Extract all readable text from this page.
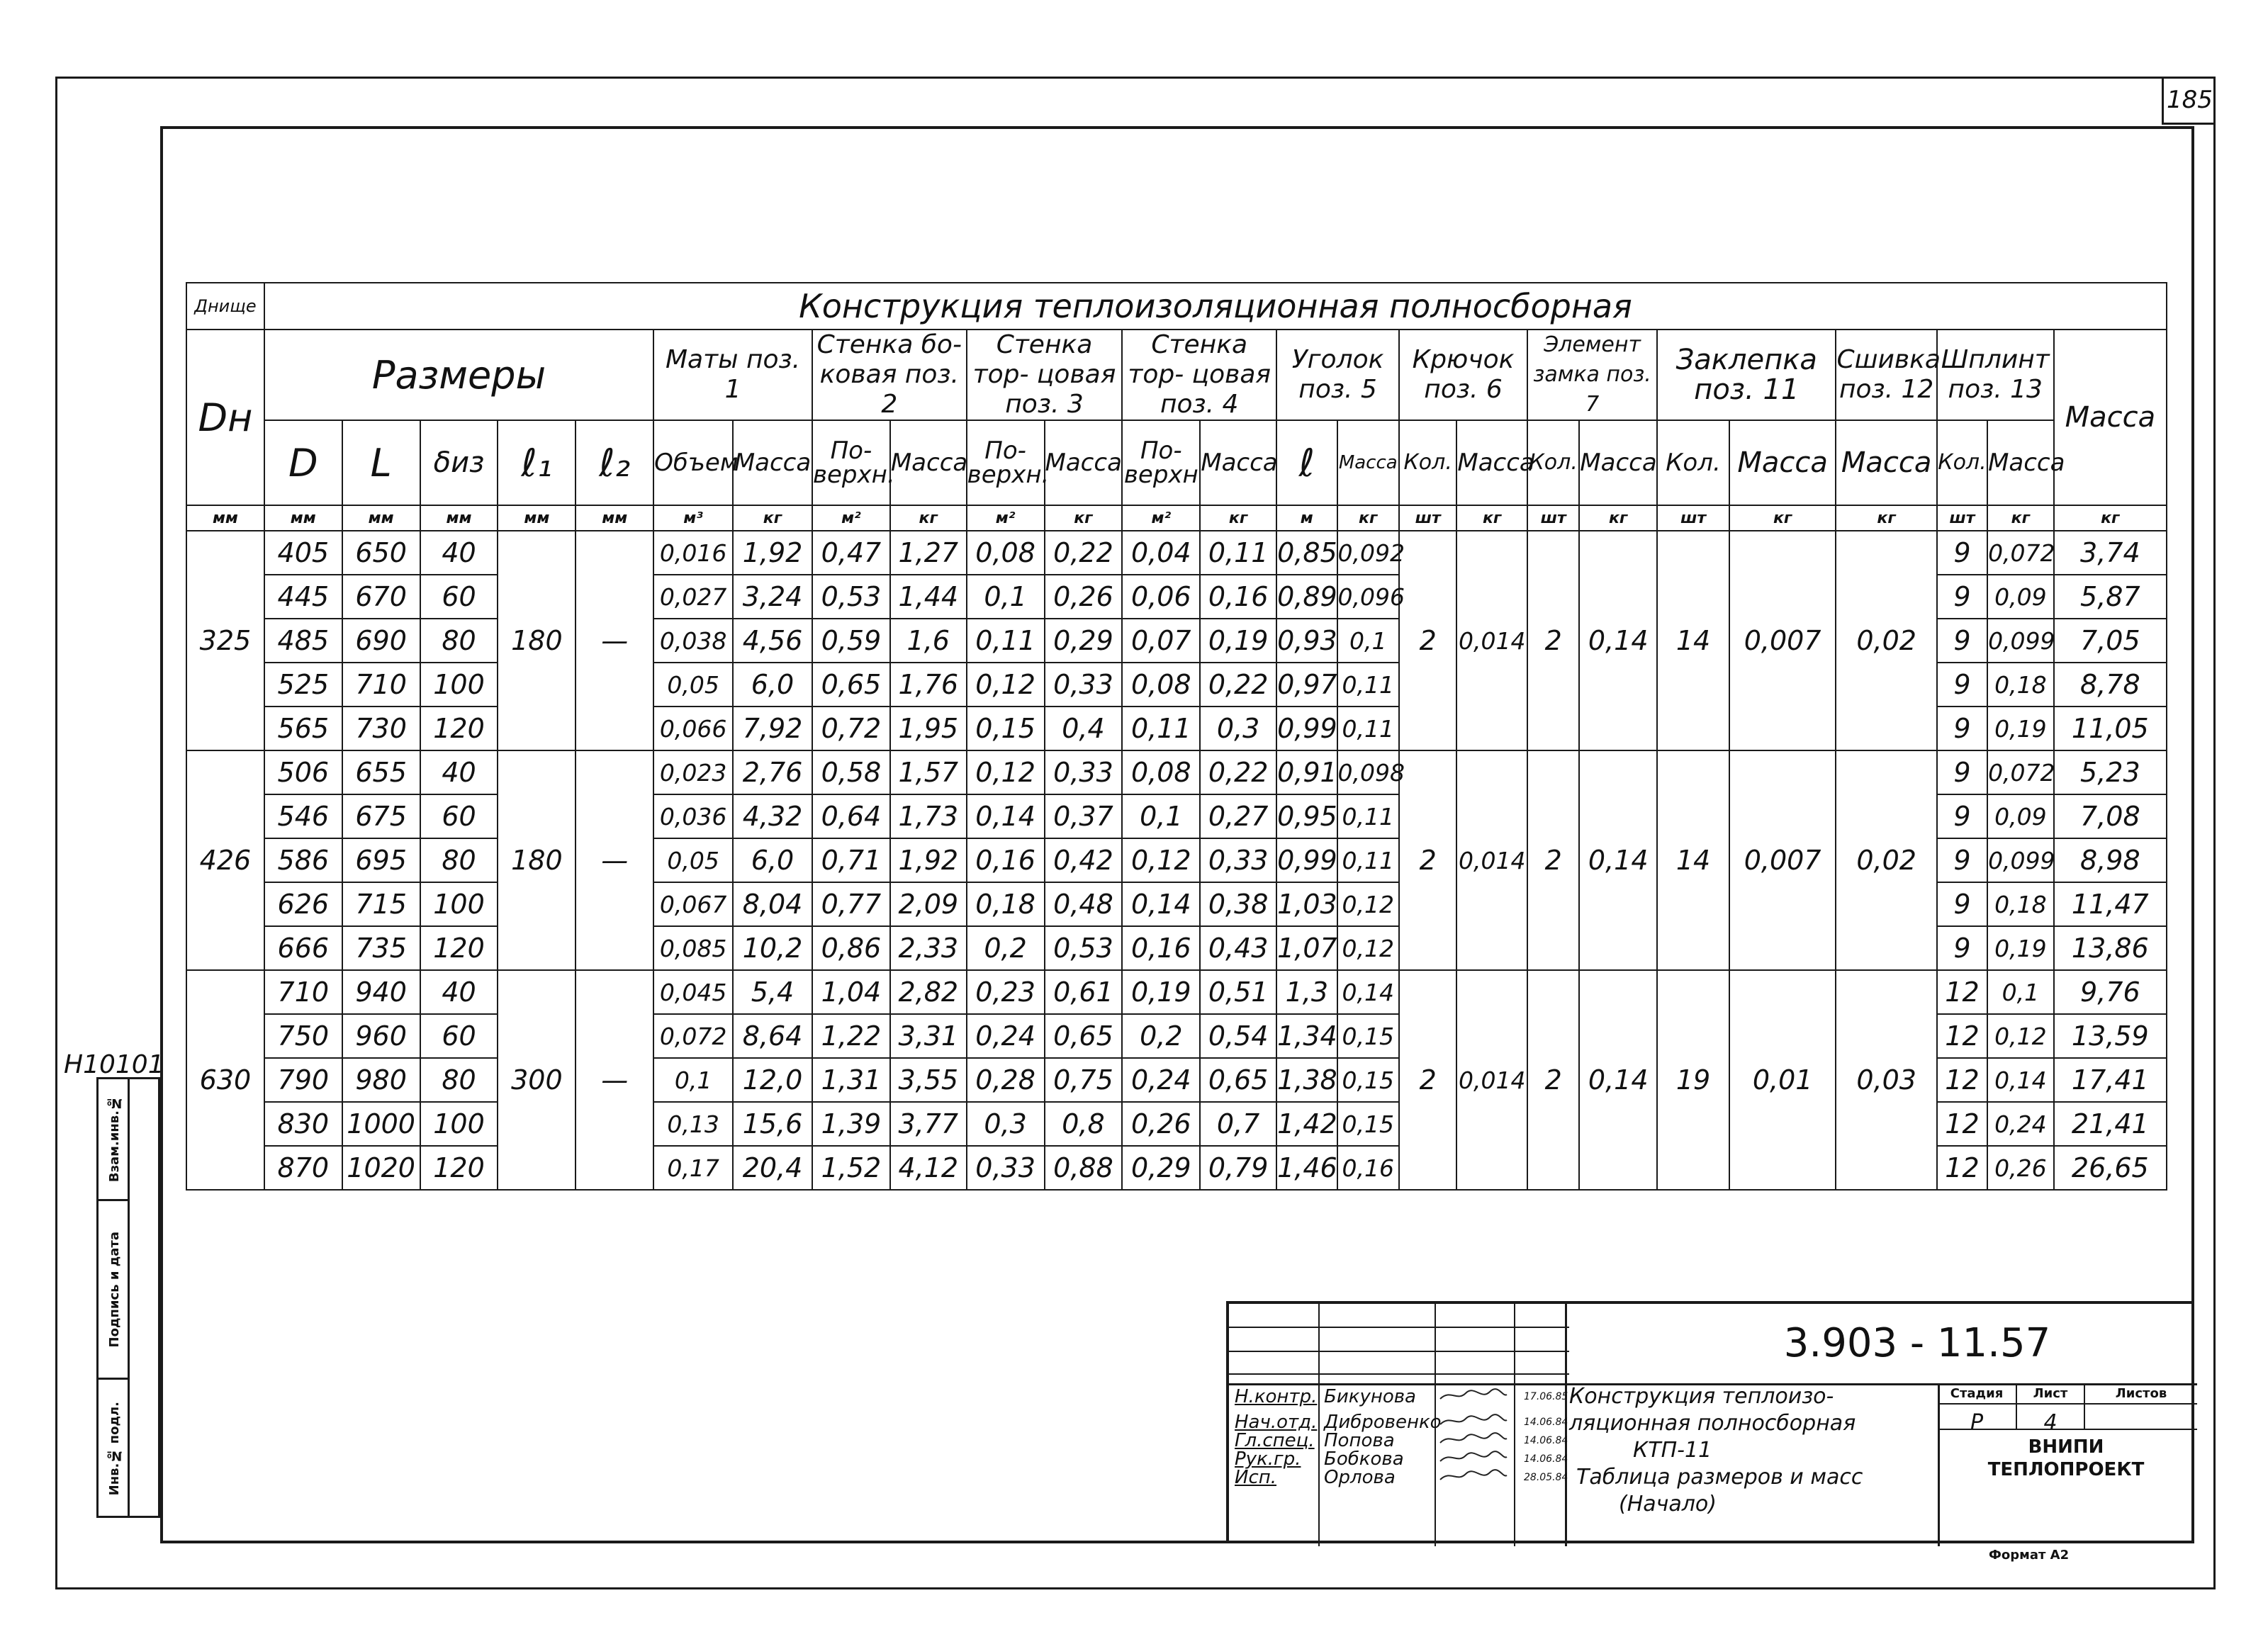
185
Н10101
Взам.инв.№
Подпись и дата
Инв.№ подл.
Днище	Конструкция теплоизоляционная полносборная																								
Dн	Размеры					Маты поз. 1		Стенка бо- ковая поз. 2		Стенка тор- цовая поз. 3		Стенка тор- цовая поз. 4		Уголок поз. 5		Крючок поз. 6		Элемент замка поз. 7		Заклепка поз. 11		Сшивка поз. 12	Шплинт поз. 13		Масса
	D	L	δиз	ℓ₁	ℓ₂	Объем	Масса	По- верхн.	Масса	По- верхн.	Масса	По- верхн	Масса	ℓ	Масса	Кол.	Масса	Кол.	Масса	Кол.	Масса	Масса	Кол.	Масса	
мм	мм	мм	мм	мм	мм	м³	кг	м²	кг	м²	кг	м²	кг	м	кг	шт	кг	шт	кг	шт	кг	кг	шт	кг	кг
325	405	650	40	180	—	0,016	1,92	0,47	1,27	0,08	0,22	0,04	0,11	0,85	0,092	2	0,014	2	0,14	14	0,007	0,02	9	0,072	3,74
	445	670	60			0,027	3,24	0,53	1,44	0,1	0,26	0,06	0,16	0,89	0,096								9	0,09	5,87
	485	690	80			0,038	4,56	0,59	1,6	0,11	0,29	0,07	0,19	0,93	0,1								9	0,099	7,05
	525	710	100			0,05	6,0	0,65	1,76	0,12	0,33	0,08	0,22	0,97	0,11								9	0,18	8,78
	565	730	120			0,066	7,92	0,72	1,95	0,15	0,4	0,11	0,3	0,99	0,11								9	0,19	11,05
426	506	655	40	180	—	0,023	2,76	0,58	1,57	0,12	0,33	0,08	0,22	0,91	0,098	2	0,014	2	0,14	14	0,007	0,02	9	0,072	5,23
	546	675	60			0,036	4,32	0,64	1,73	0,14	0,37	0,1	0,27	0,95	0,11								9	0,09	7,08
	586	695	80			0,05	6,0	0,71	1,92	0,16	0,42	0,12	0,33	0,99	0,11								9	0,099	8,98
	626	715	100			0,067	8,04	0,77	2,09	0,18	0,48	0,14	0,38	1,03	0,12								9	0,18	11,47
	666	735	120			0,085	10,2	0,86	2,33	0,2	0,53	0,16	0,43	1,07	0,12								9	0,19	13,86
630	710	940	40	300	—	0,045	5,4	1,04	2,82	0,23	0,61	0,19	0,51	1,3	0,14	2	0,014	2	0,14	19	0,01	0,03	12	0,1	9,76
	750	960	60			0,072	8,64	1,22	3,31	0,24	0,65	0,2	0,54	1,34	0,15								12	0,12	13,59
	790	980	80			0,1	12,0	1,31	3,55	0,28	0,75	0,24	0,65	1,38	0,15								12	0,14	17,41
	830	1000	100			0,13	15,6	1,39	3,77	0,3	0,8	0,26	0,7	1,42	0,15								12	0,24	21,41
	870	1020	120			0,17	20,4	1,52	4,12	0,33	0,88	0,29	0,79	1,46	0,16								12	0,26	26,65
3.903 - 11.57
Конструкция теплоизо-
ляционная полносборная
КТП-11
Таблица размеров и масс
(Начало)
Н.контр. Бикунова	17.06.85
Нач.отд. Дибровенко	14.06.84
Гл.спец. Попова	14.06.84
Рук.гр.	Бобкова	14.06.84
Исп.	Орлова	28.05.84
Стадия	Лист	Листов
Р	4
ВНИПИ
ТЕПЛОПРОЕКТ
Формат А2
